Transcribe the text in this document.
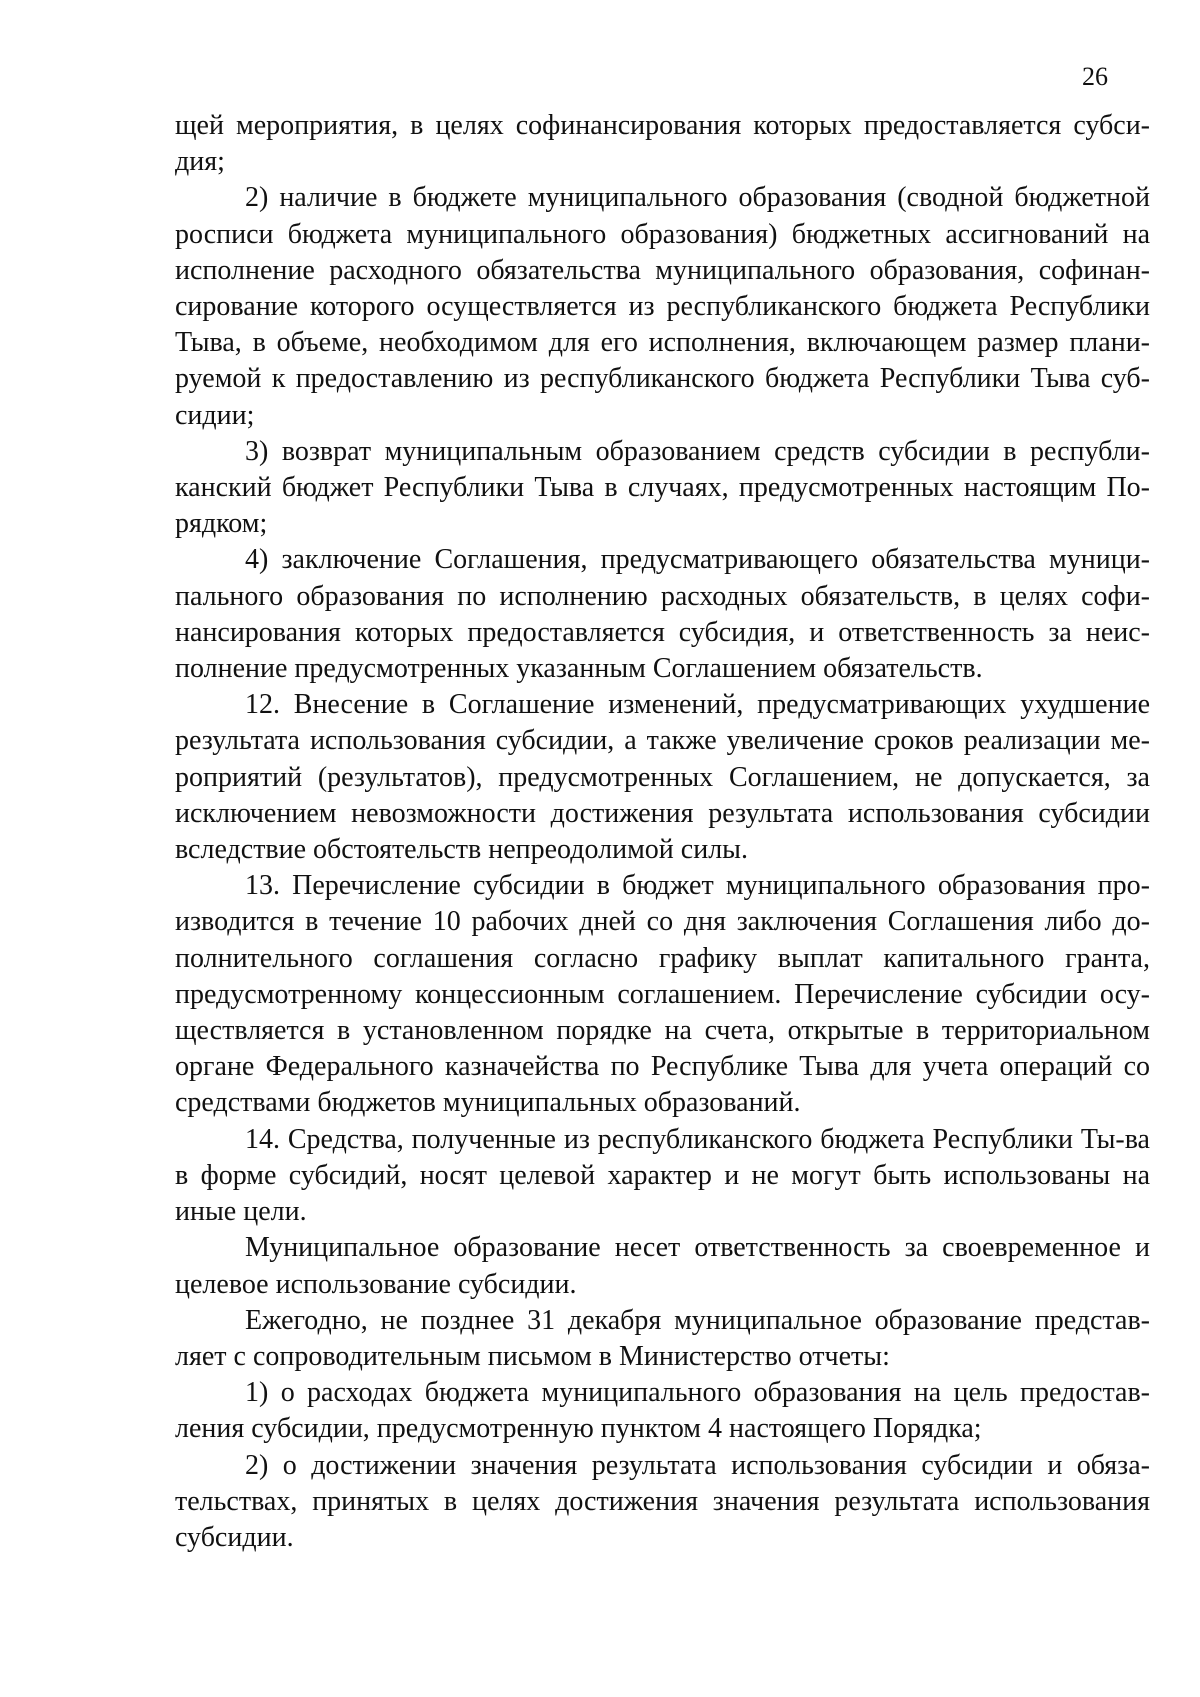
26

щей мероприятия, в целях софинансирования которых предоставляется субси-дия;

2) наличие в бюджете муниципального образования (сводной бюджетной росписи бюджета муниципального образования) бюджетных ассигнований на исполнение расходного обязательства муниципального образования, софинан-сирование которого осуществляется из республиканского бюджета Республики Тыва, в объеме, необходимом для его исполнения, включающем размер плани-руемой к предоставлению из республиканского бюджета Республики Тыва суб-сидии;

3) возврат муниципальным образованием средств субсидии в республи-канский бюджет Республики Тыва в случаях, предусмотренных настоящим По-рядком;

4) заключение Соглашения, предусматривающего обязательства муници-пального образования по исполнению расходных обязательств, в целях софи-нансирования которых предоставляется субсидия, и ответственность за неис-полнение предусмотренных указанным Соглашением обязательств.

12. Внесение в Соглашение изменений, предусматривающих ухудшение результата использования субсидии, а также увеличение сроков реализации ме-роприятий (результатов), предусмотренных Соглашением, не допускается, за исключением невозможности достижения результата использования субсидии вследствие обстоятельств непреодолимой силы.

13. Перечисление субсидии в бюджет муниципального образования про-изводится в течение 10 рабочих дней со дня заключения Соглашения либо до-полнительного соглашения согласно графику выплат капитального гранта, предусмотренному концессионным соглашением. Перечисление субсидии осу-ществляется в установленном порядке на счета, открытые в территориальном органе Федерального казначейства по Республике Тыва для учета операций со средствами бюджетов муниципальных образований.

14. Средства, полученные из республиканского бюджета Республики Ты-ва в форме субсидий, носят целевой характер и не могут быть использованы на иные цели.

Муниципальное образование несет ответственность за своевременное и целевое использование субсидии.

Ежегодно, не позднее 31 декабря муниципальное образование представ-ляет с сопроводительным письмом в Министерство отчеты:

1) о расходах бюджета муниципального образования на цель предостав-ления субсидии, предусмотренную пунктом 4 настоящего Порядка;

2) о достижении значения результата использования субсидии и обяза-тельствах, принятых в целях достижения значения результата использования субсидии.
